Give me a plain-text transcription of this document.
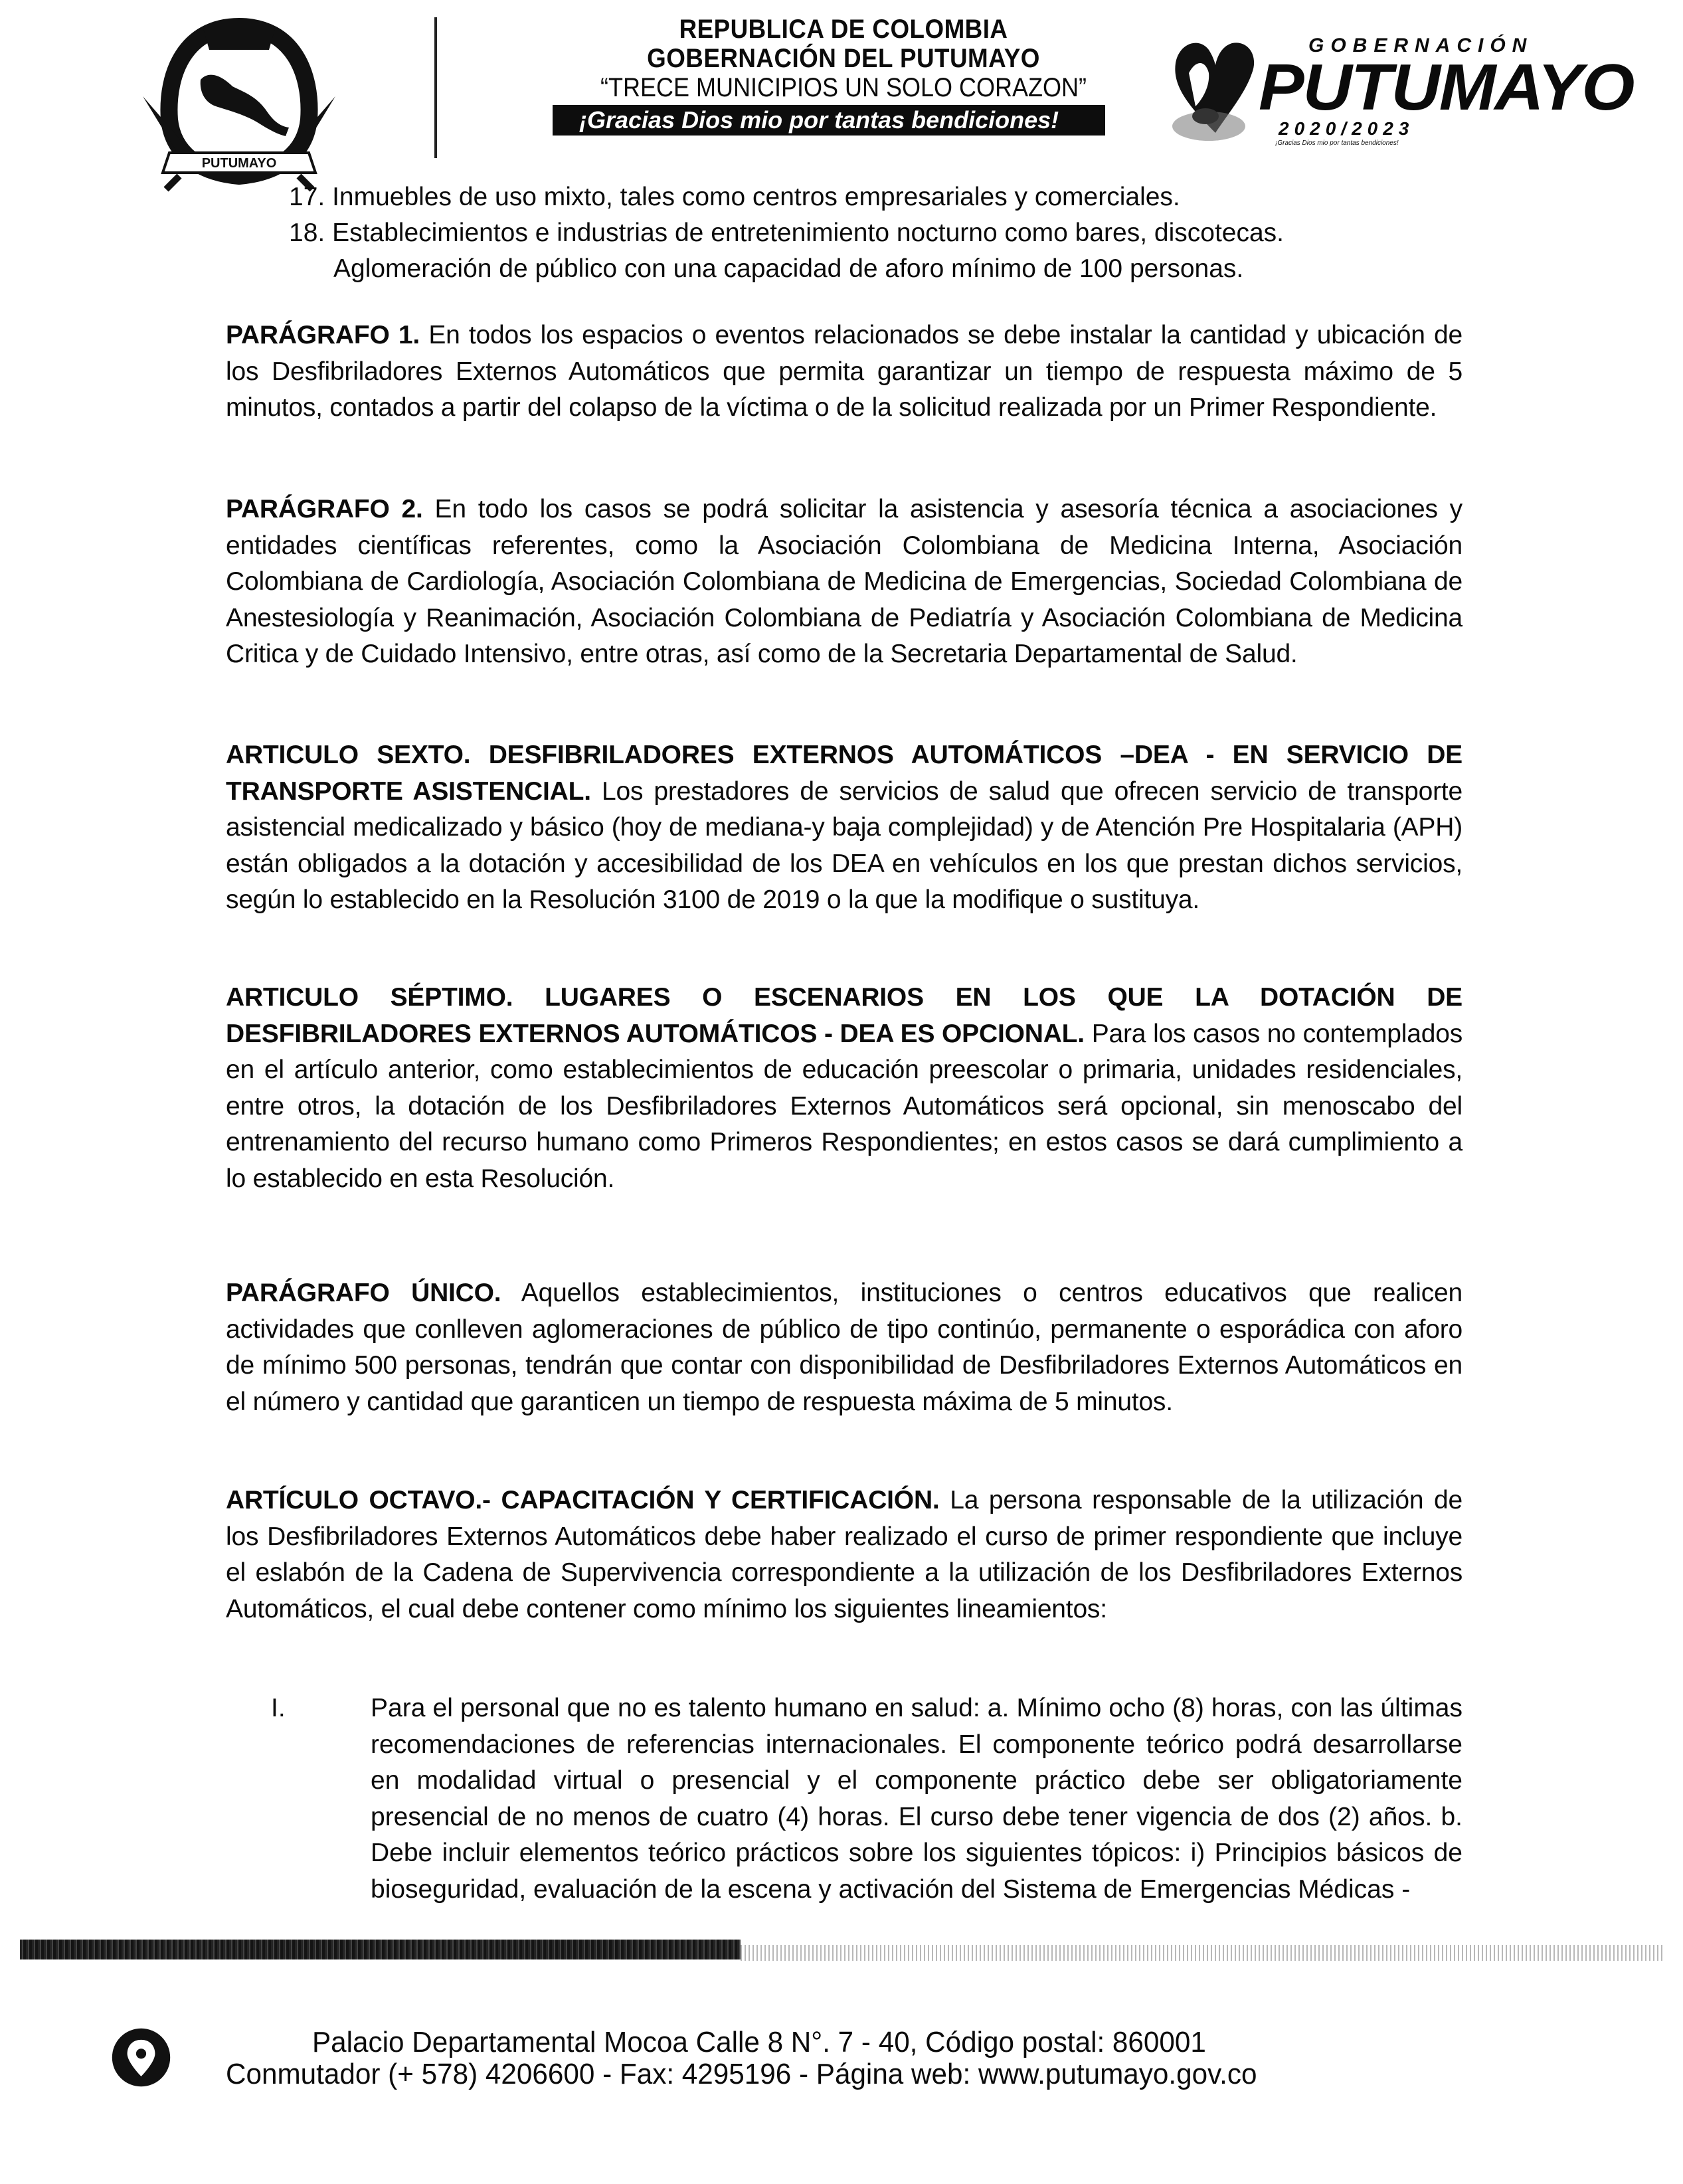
PUTUMAYO
REPUBLICA DE COLOMBIA
GOBERNACIÓN DEL PUTUMAYO
“TRECE MUNICIPIOS UN SOLO CORAZON”
¡Gracias Dios mio por tantas bendiciones!
GOBERNACIÓN
PUTUMAYO
2020/2023
¡Gracias Dios mio por tantas bendiciones!
17. Inmuebles de uso mixto, tales como centros empresariales y comerciales.
18. Establecimientos e industrias de entretenimiento nocturno como bares, discotecas.
Aglomeración de público con una capacidad de aforo mínimo de 100 personas.
PARÁGRAFO 1. En todos los espacios o eventos relacionados se debe instalar la cantidad y ubicación de los Desfibriladores Externos Automáticos que permita garantizar un tiempo de respuesta máximo de 5 minutos, contados a partir del colapso de la víctima o de la solicitud realizada por un Primer Respondiente.
PARÁGRAFO 2. En todo los casos se podrá solicitar la asistencia y asesoría técnica a asociaciones y entidades científicas referentes, como la Asociación Colombiana de Medicina Interna, Asociación Colombiana de Cardiología, Asociación Colombiana de Medicina de Emergencias, Sociedad Colombiana de Anestesiología y Reanimación, Asociación Colombiana de Pediatría y Asociación Colombiana de Medicina Critica y de Cuidado Intensivo, entre otras, así como de la Secretaria Departamental de Salud.
ARTICULO SEXTO. DESFIBRILADORES EXTERNOS AUTOMÁTICOS –DEA - EN SERVICIO DE TRANSPORTE ASISTENCIAL. Los prestadores de servicios de salud que ofrecen servicio de transporte asistencial medicalizado y básico (hoy de mediana-y baja complejidad) y de Atención Pre Hospitalaria (APH) están obligados a la dotación y accesibilidad de los DEA en vehículos en los que prestan dichos servicios, según lo establecido en la Resolución 3100 de 2019 o la que la modifique o sustituya.
ARTICULO SÉPTIMO. LUGARES O ESCENARIOS EN LOS QUE LA DOTACIÓN DE DESFIBRILADORES EXTERNOS AUTOMÁTICOS - DEA ES OPCIONAL. Para los casos no contemplados en el artículo anterior, como establecimientos de educación preescolar o primaria, unidades residenciales, entre otros, la dotación de los Desfibriladores Externos Automáticos será opcional, sin menoscabo del entrenamiento del recurso humano como Primeros Respondientes; en estos casos se dará cumplimiento a lo establecido en esta Resolución.
PARÁGRAFO ÚNICO. Aquellos establecimientos, instituciones o centros educativos que realicen actividades que conlleven aglomeraciones de público de tipo continúo, permanente o esporádica con aforo de mínimo 500 personas, tendrán que contar con disponibilidad de Desfibriladores Externos Automáticos en el número y cantidad que garanticen un tiempo de respuesta máxima de 5 minutos.
ARTÍCULO OCTAVO.- CAPACITACIÓN Y CERTIFICACIÓN. La persona responsable de la utilización de los Desfibriladores Externos Automáticos debe haber realizado el curso de primer respondiente que incluye el eslabón de la Cadena de Supervivencia correspondiente a la utilización de los Desfibriladores Externos Automáticos, el cual debe contener como mínimo los siguientes lineamientos:
I.	Para el personal que no es talento humano en salud: a. Mínimo ocho (8) horas, con las últimas recomendaciones de referencias internacionales. El componente teórico podrá desarrollarse en modalidad virtual o presencial y el componente práctico debe ser obligatoriamente presencial de no menos de cuatro (4) horas. El curso debe tener vigencia de dos (2) años. b. Debe incluir elementos teórico prácticos sobre los siguientes tópicos: i) Principios básicos de bioseguridad, evaluación de la escena y activación del Sistema de Emergencias Médicas -
Palacio Departamental Mocoa Calle 8 N°. 7 - 40, Código postal: 860001
Conmutador (+ 578) 4206600 - Fax: 4295196 - Página web: www.putumayo.gov.co
